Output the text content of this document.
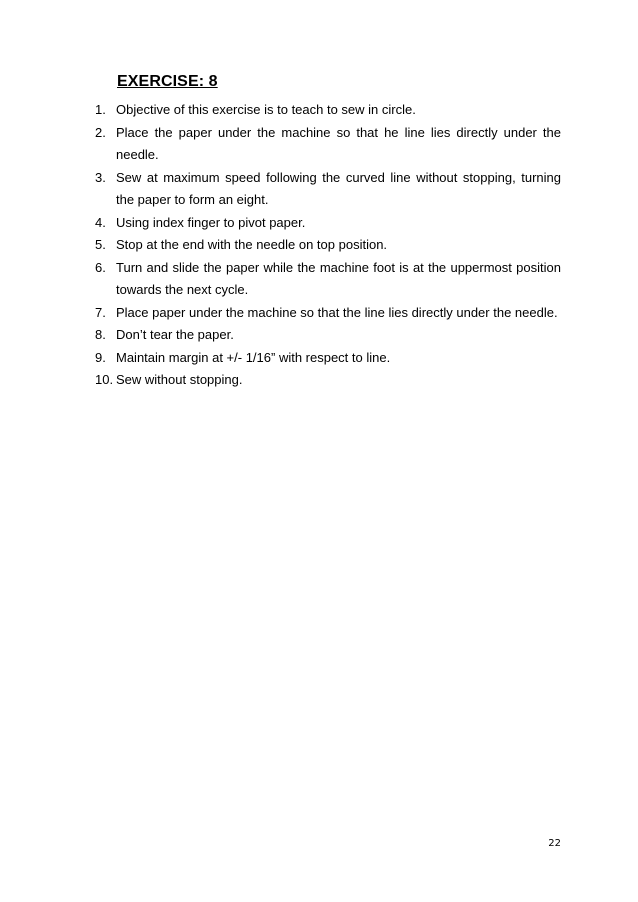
EXERCISE: 8
1. Objective of this exercise is to teach to sew in circle.
2. Place the paper under the machine so that he line lies directly under the needle.
3. Sew at maximum speed following the curved line without stopping, turning the paper to form an eight.
4. Using index finger to pivot paper.
5. Stop at the end with the needle on top position.
6. Turn and slide the paper while the machine foot is at the uppermost position towards the next cycle.
7. Place paper under the machine so that the line lies directly under the needle.
8. Don’t tear the paper.
9. Maintain margin at +/- 1/16” with respect to line.
10. Sew without stopping.
22
